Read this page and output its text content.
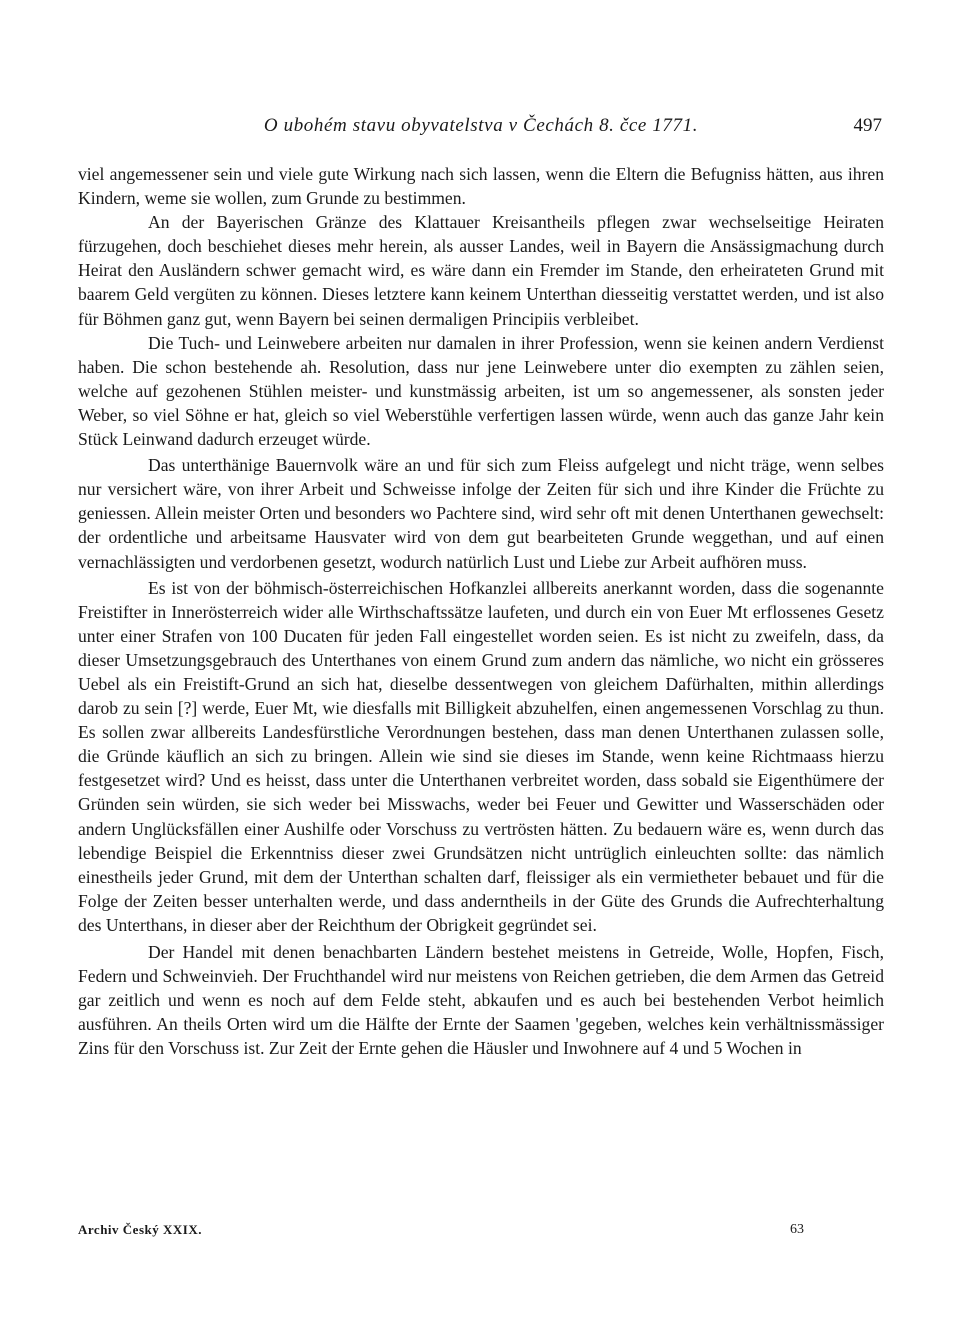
O ubohém stavu obyvatelstva v Čechách 8. čce 1771.	497

viel angemessener sein und viele gute Wirkung nach sich lassen, wenn die Eltern die Befugniss hätten, aus ihren Kindern, weme sie wollen, zum Grunde zu bestimmen.

An der Bayerischen Gränze des Klattauer Kreisantheils pflegen zwar wechselseitige Heiraten fürzugehen, doch beschiehet dieses mehr herein, als ausser Landes, weil in Bayern die Ansässigmachung durch Heirat den Ausländern schwer gemacht wird, es wäre dann ein Fremder im Stande, den erheirateten Grund mit baarem Geld vergüten zu können. Dieses letztere kann keinem Unterthan diesseitig verstattet werden, und ist also für Böhmen ganz gut, wenn Bayern bei seinen dermaligen Principiis verbleibet.

Die Tuch- und Leinwebere arbeiten nur damalen in ihrer Profession, wenn sie keinen andern Verdienst haben. Die schon bestehende ah. Resolution, dass nur jene Leinwebere unter dio exempten zu zählen seien, welche auf gezohenen Stühlen meister- und kunstmässig arbeiten, ist um so angemessener, als sonsten jeder Weber, so viel Söhne er hat, gleich so viel Weberstühle verfertigen lassen würde, wenn auch das ganze Jahr kein Stück Leinwand dadurch erzeuget würde.

Das unterthänige Bauernvolk wäre an und für sich zum Fleiss aufgelegt und nicht träge, wenn selbes nur versichert wäre, von ihrer Arbeit und Schweisse infolge der Zeiten für sich und ihre Kinder die Früchte zu geniessen. Allein meister Orten und besonders wo Pachtere sind, wird sehr oft mit denen Unterthanen gewechselt: der ordentliche und arbeitsame Hausvater wird von dem gut bearbeiteten Grunde weggethan, und auf einen vernachlässigten und verdorbenen gesetzt, wodurch natürlich Lust und Liebe zur Arbeit aufhören muss.

Es ist von der böhmisch-österreichischen Hofkanzlei allbereits anerkannt worden, dass die sogenannte Freistifter in Innerösterreich wider alle Wirthschaftssätze laufeten, und durch ein von Euer Mt erflossenes Gesetz unter einer Strafen von 100 Ducaten für jeden Fall eingestellet worden seien. Es ist nicht zu zweifeln, dass, da dieser Umsetzungsgebrauch des Unterthanes von einem Grund zum andern das nämliche, wo nicht ein grösseres Uebel als ein Freistift-Grund an sich hat, dieselbe dessentwegen von gleichem Dafürhalten, mithin allerdings darob zu sein [?] werde, Euer Mt, wie diesfalls mit Billigkeit abzuhelfen, einen angemessenen Vorschlag zu thun. Es sollen zwar allbereits Landesfürstliche Verordnungen bestehen, dass man denen Unterthanen zulassen solle, die Gründe käuflich an sich zu bringen. Allein wie sind sie dieses im Stande, wenn keine Richtmaass hierzu festgesetzet wird? Und es heisst, dass unter die Unterthanen verbreitet worden, dass sobald sie Eigenthümere der Gründen sein würden, sie sich weder bei Misswachs, weder bei Feuer und Gewitter und Wasserschäden oder andern Unglücksfällen einer Aushilfe oder Vorschuss zu vertrösten hätten. Zu bedauern wäre es, wenn durch das lebendige Beispiel die Erkenntniss dieser zwei Grundsätzen nicht untrüglich einleuchten sollte: das nämlich einestheils jeder Grund, mit dem der Unterthan schalten darf, fleissiger als ein vermietheter bebauet und für die Folge der Zeiten besser unterhalten werde, und dass anderntheils in der Güte des Grunds die Aufrechterhaltung des Unterthans, in dieser aber der Reichthum der Obrigkeit gegründet sei.

Der Handel mit denen benachbarten Ländern bestehet meistens in Getreide, Wolle, Hopfen, Fisch, Federn und Schweinvieh. Der Fruchthandel wird nur meistens von Reichen getrieben, die dem Armen das Getreid gar zeitlich und wenn es noch auf dem Felde steht, abkaufen und es auch bei bestehenden Verbot heimlich ausführen. An theils Orten wird um die Hälfte der Ernte der Saamen 'gegeben, welches kein verhältnissmässiger Zins für den Vorschuss ist. Zur Zeit der Ernte gehen die Häusler und Inwohnere auf 4 und 5 Wochen in

Archiv Český XXIX.	63
